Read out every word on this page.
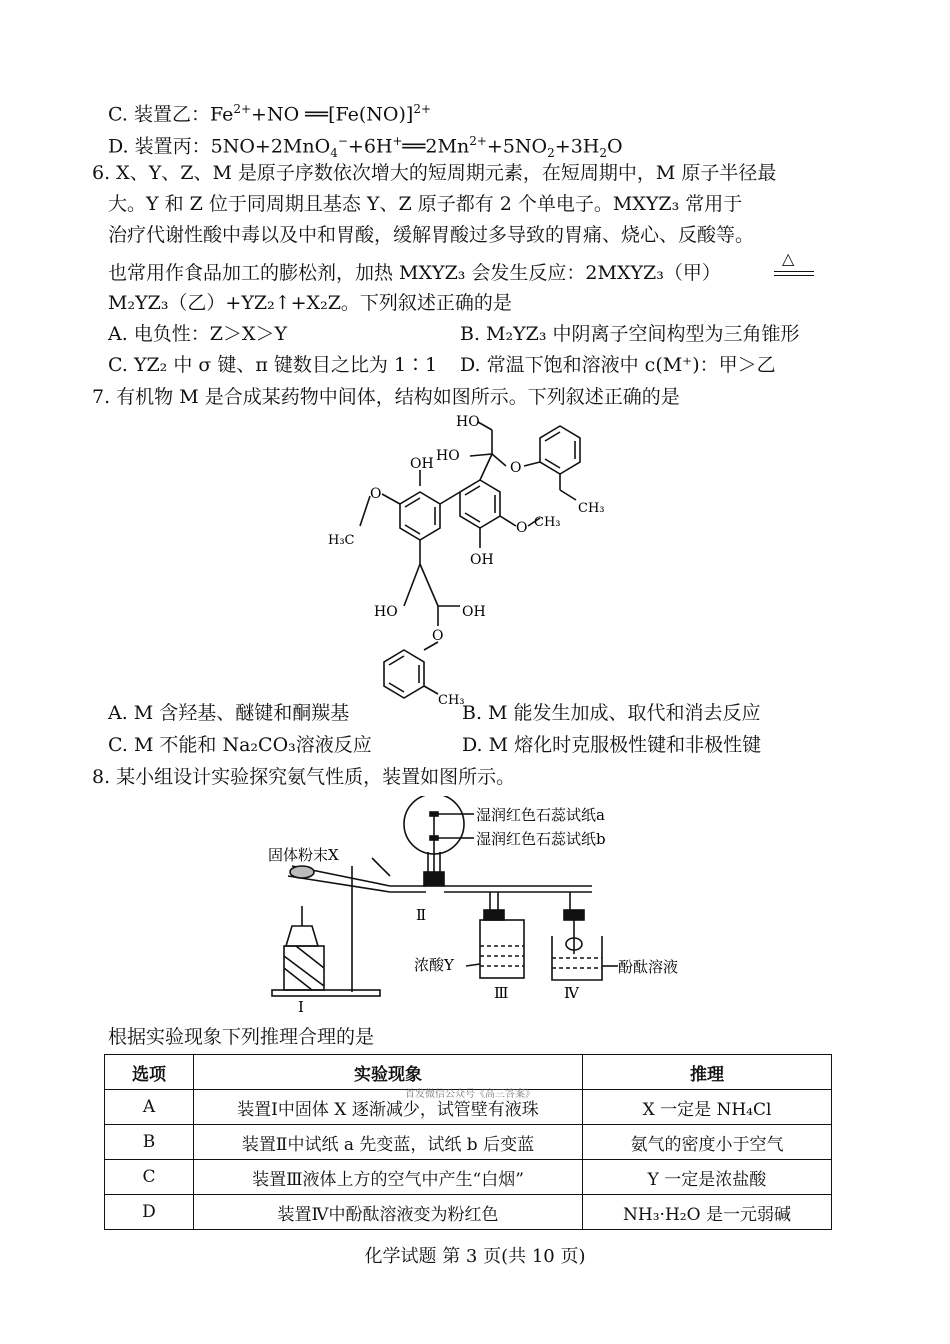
C. 装置乙：$Fe^{2+}+NO$ $══[Fe(NO)]^{2+}$
D. 装置丙：$5NO+2MnO_4^-+6H^+══2Mn^{2+}+5NO_2+3H_2O$
6. X、Y、Z、M 是原子序数依次增大的短周期元素，在短周期中，M 原子半径最
大。Y 和 Z 位于同周期且基态 Y、Z 原子都有 2 个单电子。MXYZ₃ 常用于
治疗代谢性酸中毒以及中和胃酸，缓解胃酸过多导致的胃痛、烧心、反酸等。
也常用作食品加工的膨松剂，加热 MXYZ₃ 会发生反应：2MXYZ₃（甲）
△
M₂YZ₃（乙）+YZ₂↑+X₂Z。下列叙述正确的是
A. 电负性：Z＞X＞Y	B. M₂YZ₃ 中阴离子空间构型为三角锥形
C. YZ₂ 中 σ 键、π 键数目之比为 1∶1 D. 常温下饱和溶液中 c(M⁺)：甲＞乙
7. 有机物 M 是合成某药物中间体，结构如图所示。下列叙述正确的是
HO
HO
O
CH₃
OH
O
H₃C
O CH₃
OH
HO	OH
O
CH₃
A. M 含羟基、醚键和酮羰基	B. M 能发生加成、取代和消去反应
C. M 不能和 Na₂CO₃溶液反应	D. M 熔化时克服极性键和非极性键
8. 某小组设计实验探究氨气性质，装置如图所示。
湿润红色石蕊试纸a
湿润红色石蕊试纸b
固体粉末X
Ⅱ
浓酸Y	酚酞溶液
Ⅲ	Ⅳ
Ⅰ
根据实验现象下列推理合理的是
选项	实验现象	推理
A	装置Ⅰ中固体 X 逐渐减少，试管壁有液珠	X 一定是 NH₄Cl
B	装置Ⅱ中试纸 a 先变蓝，试纸 b 后变蓝	氨气的密度小于空气
C	装置Ⅲ液体上方的空气中产生“白烟”	Y 一定是浓盐酸
D	装置Ⅳ中酚酞溶液变为粉红色	NH₃·H₂O 是一元弱碱
首发微信公众号《高三答案》
化学试题 第 3 页(共 10 页)
